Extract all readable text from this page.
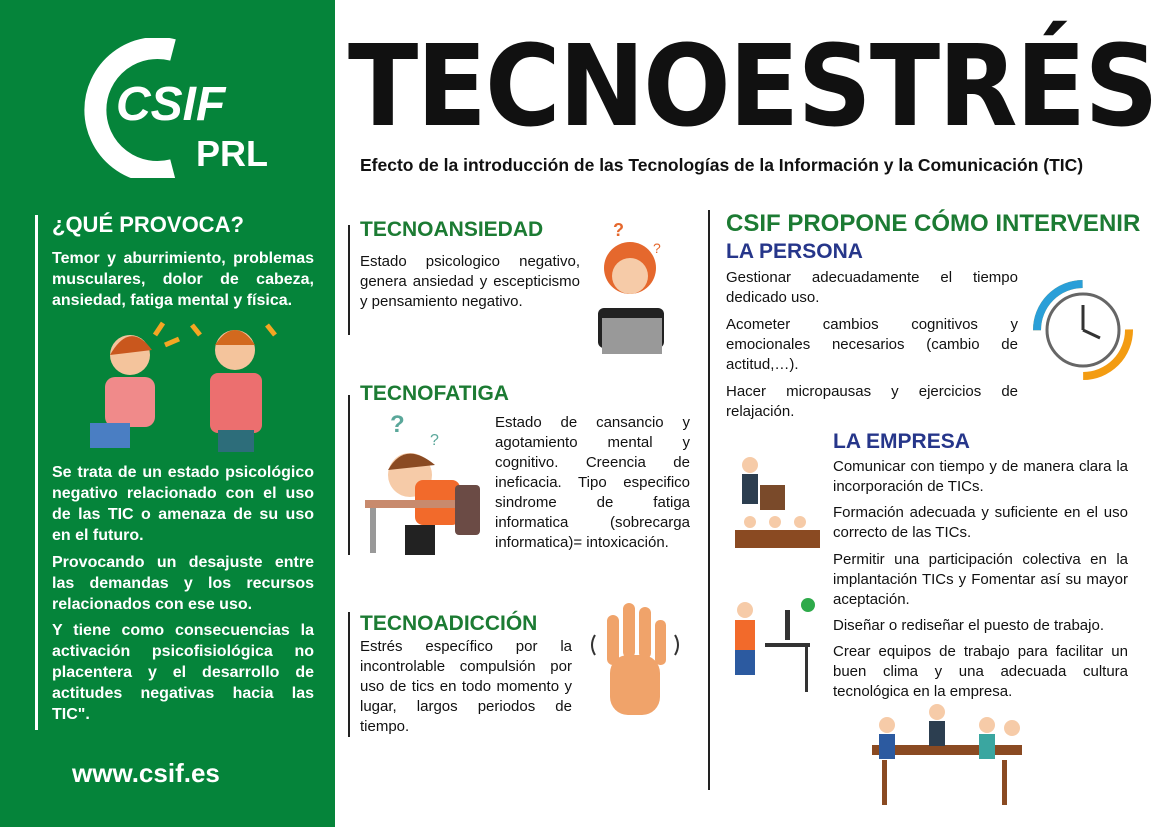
CSIF
PRL
¿QUÉ PROVOCA?
Temor y aburrimiento, problemas musculares, dolor de cabeza, ansiedad, fatiga mental y física.
Se trata de un estado psicológico negativo relacionado con el uso de las TIC o amenaza de su uso en el futuro.
Provocando un desajuste entre las demandas y los recursos relacionados con ese uso.
Y tiene como consecuencias la activación psicofisiológica no placentera y el desarrollo de actitudes negativas hacia las TIC".
www.csif.es
TECNOESTRÉS
Efecto de la introducción de las Tecnologías de la Información y la Comunicación (TIC)
TECNOANSIEDAD
Estado psicologico negativo, genera ansiedad y escepticismo y pensamiento negativo.
?
?
TECNOFATIGA
Estado de cansancio y agotamiento mental y cognitivo. Creencia de ineficacia. Tipo especifico sindrome de fatiga informatica (sobrecarga informatica)= intoxicación.
?
?
TECNOADICCIÓN
Estrés específico por la incontrolable compulsión por uso de tics en todo momento y lugar, largos periodos de tiempo.
CSIF PROPONE CÓMO INTERVENIR
LA PERSONA
Gestionar adecuadamente el tiempo dedicado uso.
Acometer cambios cognitivos y emocionales necesarios (cambio de actitud,…).
Hacer micropausas y ejercicios de relajación.
LA EMPRESA
Comunicar con tiempo y de manera clara la incorporación de TICs.
Formación adecuada y suficiente en el uso correcto de las TICs.
Permitir una participación colectiva en la implantación TICs y Fomentar así su mayor aceptación.
Diseñar o rediseñar el puesto de trabajo.
Crear equipos de trabajo para facilitar un buen clima y una adecuada cultura tecnológica en la empresa.
